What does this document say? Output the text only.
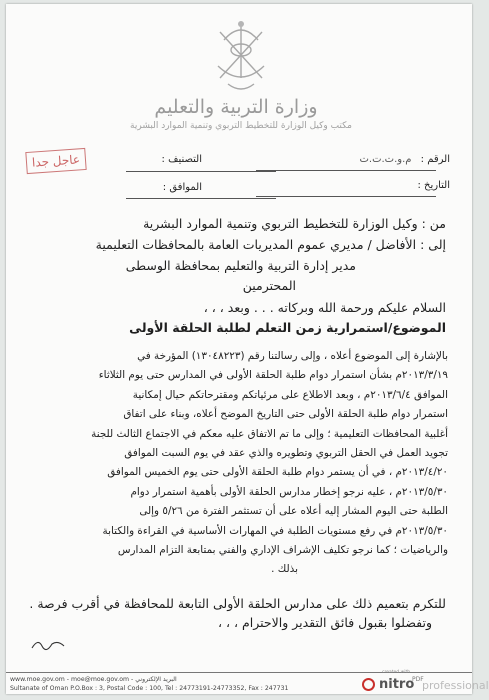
وزارة التربية والتعليم
مكتب وكيل الوزارة للتخطيط التربوي وتنمية الموارد البشرية
عاجل جدا	الرقم : م.و.ت.ت.ت
التصنيف :
التاريخ :
الموافق :
من : وكيل الوزارة للتخطيط التربوي وتنمية الموارد البشرية
إلى : الأفاضل / مديري عموم المديريات العامة بالمحافظات التعليمية
مدير إدارة التربية والتعليم بمحافظة الوسطى
المحترمين
السلام عليكم ورحمة الله وبركاته . . . وبعد ، ، ،
الموضوع/استمرارية زمن التعلم لطلبة الحلقة الأولى
بالإشارة إلى الموضوع أعلاه ، وإلى رسالتنا رقم (١٣٠٤٨٢٢٣) المؤرخة في
٢٠١٣/٣/١٩م بشأن استمرار دوام طلبة الحلقة الأولى في المدارس حتى يوم الثلاثاء
الموافق ٢٠١٣/٦/٤م ، وبعد الاطلاع على مرئياتكم ومقترحاتكم حيال إمكانية
استمرار دوام طلبة الحلقة الأولى حتى التاريخ الموضح أعلاه، وبناء على اتفاق
أغلبية المحافظات التعليمية ؛ وإلى ما تم الاتفاق عليه معكم في الاجتماع الثالث للجنة
تجويد العمل في الحقل التربوي وتطويره والذي عقد في يوم السبت الموافق
٢٠١٣/٤/٢٠م ، في أن يستمر دوام طلبة الحلقة الأولى حتى يوم الخميس الموافق
٢٠١٣/٥/٣٠م ، عليه نرجو إخطار مدارس الحلقة الأولى بأهمية استمرار دوام
الطلبة حتى اليوم المشار إليه أعلاه على أن تستثمر الفترة من ٥/٢٦ وإلى
٢٠١٣/٥/٣٠م في رفع مستويات الطلبة في المهارات الأساسية في القراءة والكتابة
والرياضيات ؛ كما نرجو تكليف الإشراف الإداري والفني بمتابعة التزام المدارس
بذلك .
للتكرم بتعميم ذلك على مدارس الحلقة الأولى التابعة للمحافظة في أقرب فرصة .
وتفضلوا بقبول فائق التقدير والاحترام ، ، ،
www.moe.gov.om - moe@moe.gov.om - البريد الإلكتروني
Sultanate of Oman P.O.Box : 3, Postal Code : 100, Tel : 24773191-24773352, Fax : 247731
created with
nitro
PDF
professional
